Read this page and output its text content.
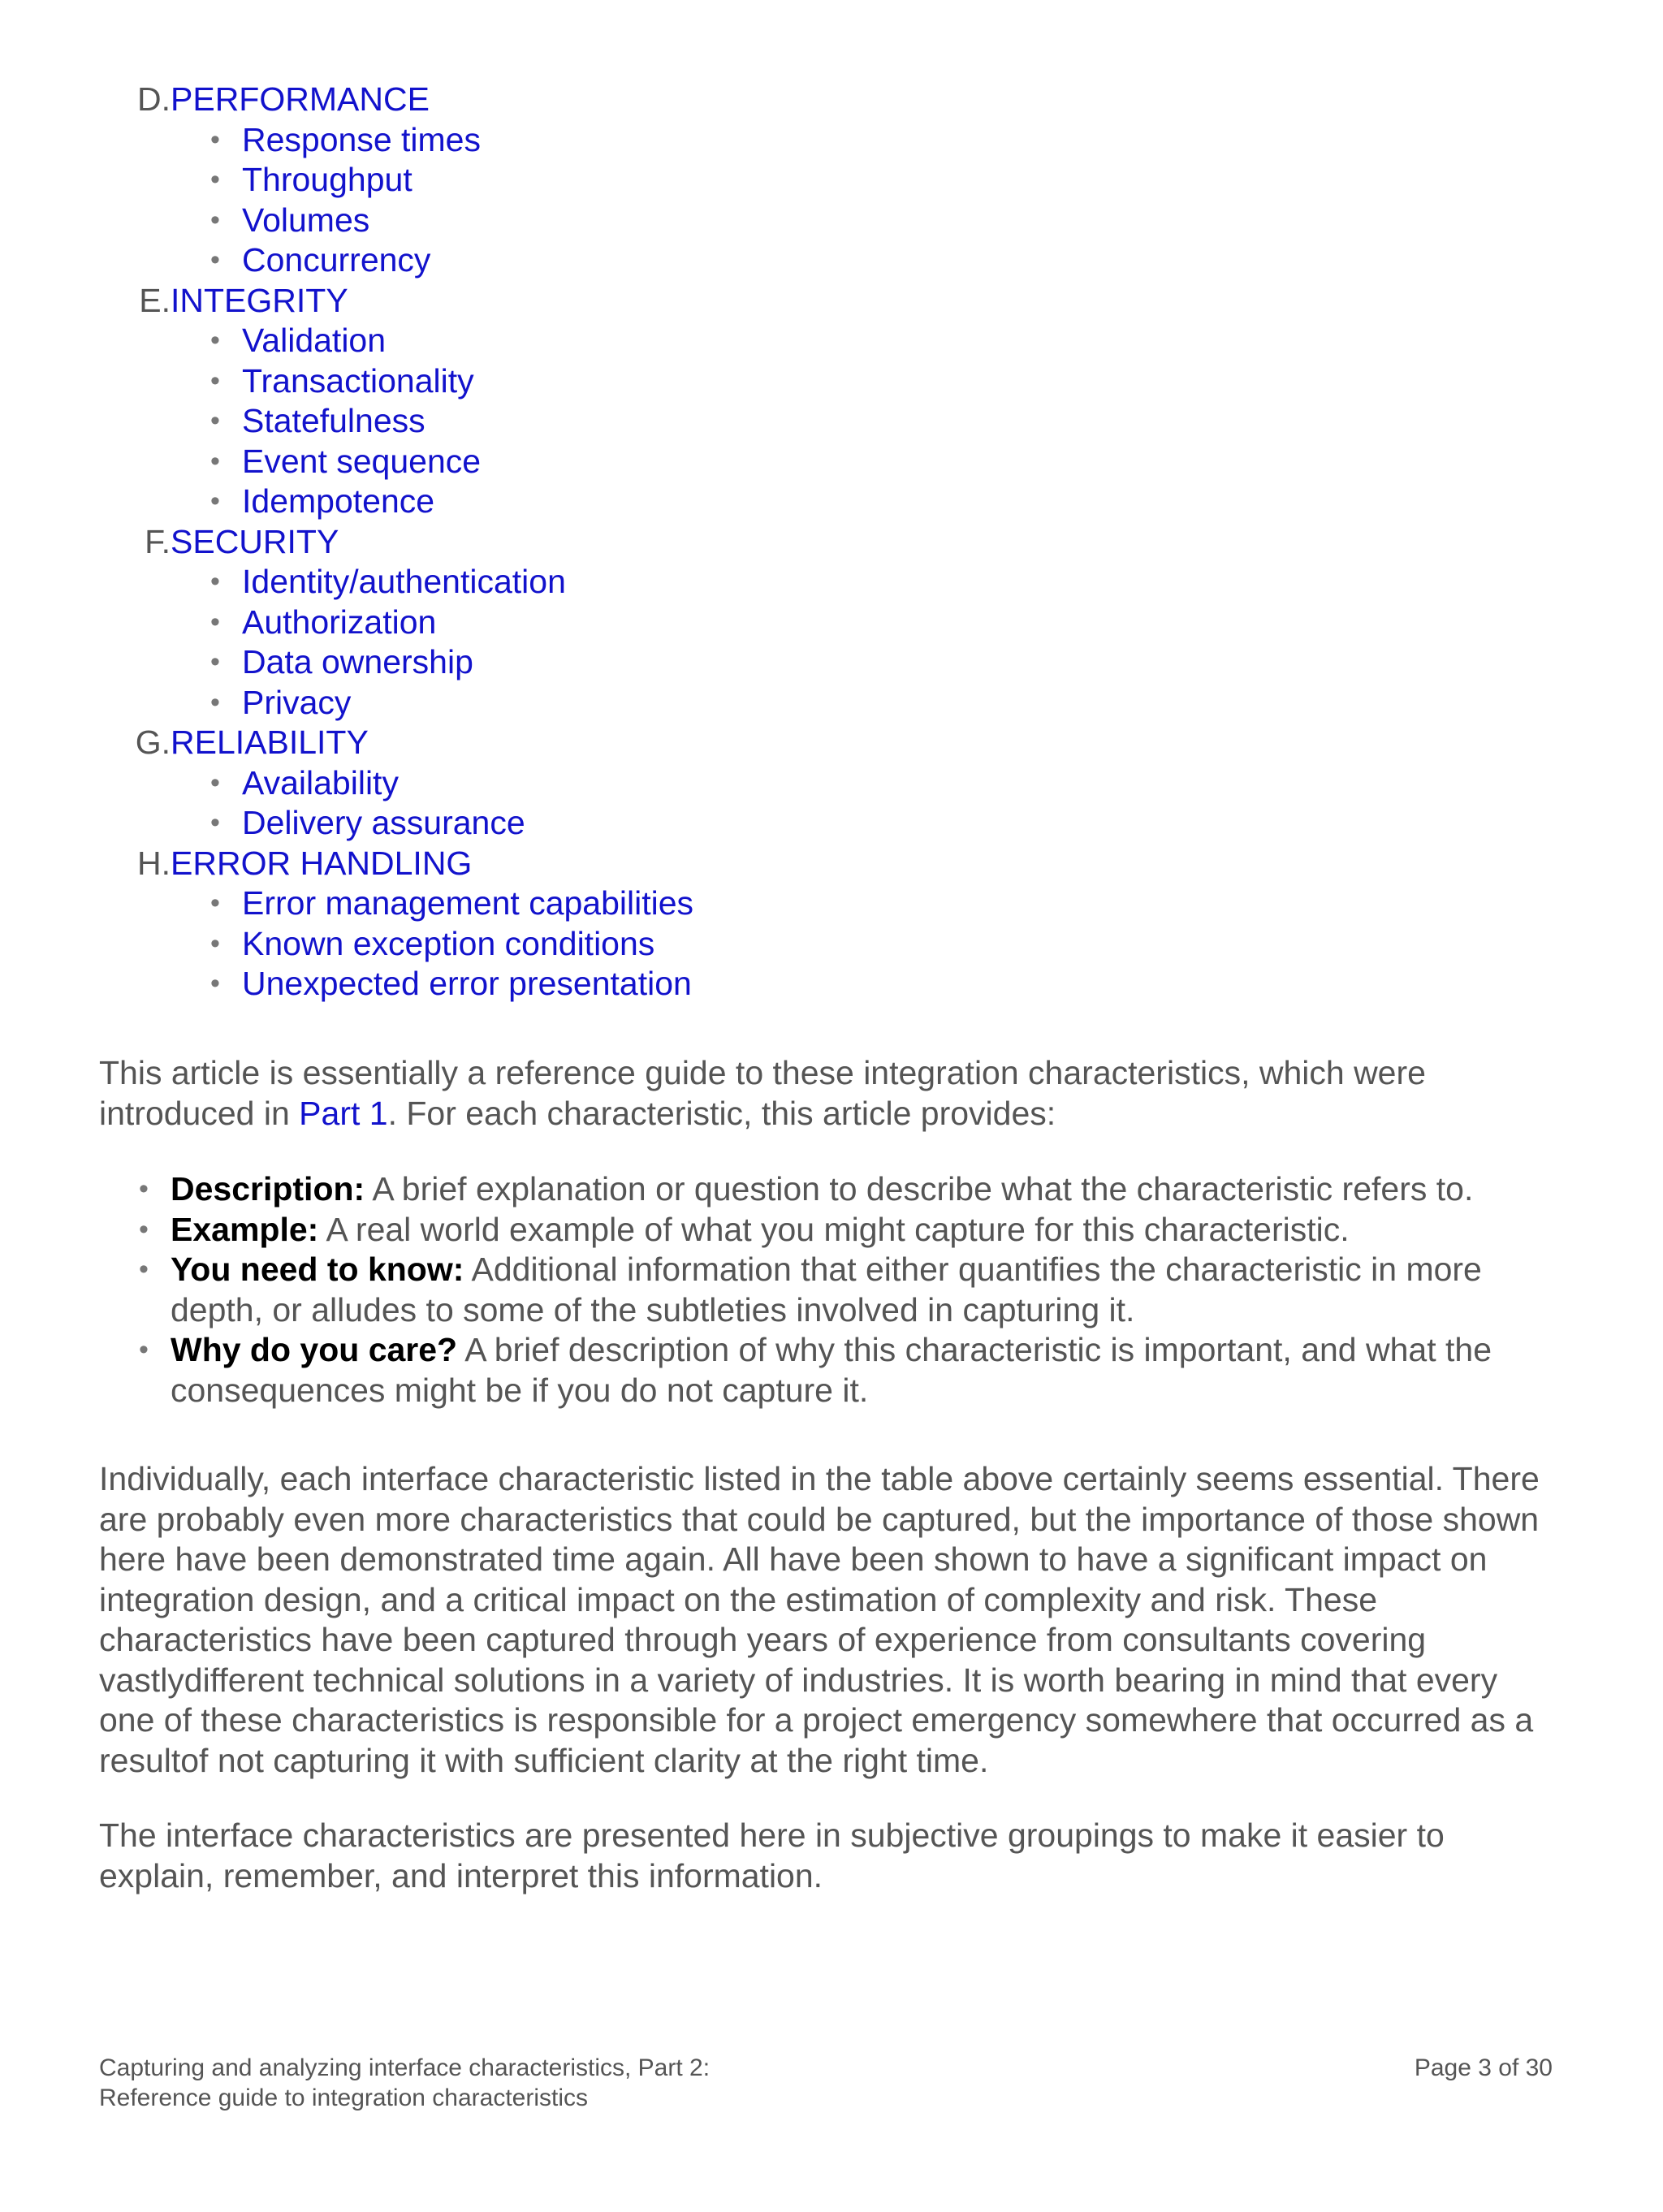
D. PERFORMANCE
• Response times
• Throughput
• Volumes
• Concurrency
E. INTEGRITY
• Validation
• Transactionality
• Statefulness
• Event sequence
• Idempotence
F. SECURITY
• Identity/authentication
• Authorization
• Data ownership
• Privacy
G. RELIABILITY
• Availability
• Delivery assurance
H. ERROR HANDLING
• Error management capabilities
• Known exception conditions
• Unexpected error presentation

This article is essentially a reference guide to these integration characteristics, which were introduced in Part 1. For each characteristic, this article provides:

• Description: A brief explanation or question to describe what the characteristic refers to.
• Example: A real world example of what you might capture for this characteristic.
• You need to know: Additional information that either quantifies the characteristic in more depth, or alludes to some of the subtleties involved in capturing it.
• Why do you care? A brief description of why this characteristic is important, and what the consequences might be if you do not capture it.

Individually, each interface characteristic listed in the table above certainly seems essential. There are probably even more characteristics that could be captured, but the importance of those shown here have been demonstrated time again. All have been shown to have a significant impact on integration design, and a critical impact on the estimation of complexity and risk. These characteristics have been captured through years of experience from consultants covering vastlydifferent technical solutions in a variety of industries. It is worth bearing in mind that every one of these characteristics is responsible for a project emergency somewhere that occurred as a resultof not capturing it with sufficient clarity at the right time.

The interface characteristics are presented here in subjective groupings to make it easier to explain, remember, and interpret this information.

Capturing and analyzing interface characteristics, Part 2:
Reference guide to integration characteristics
Page 3 of 30
